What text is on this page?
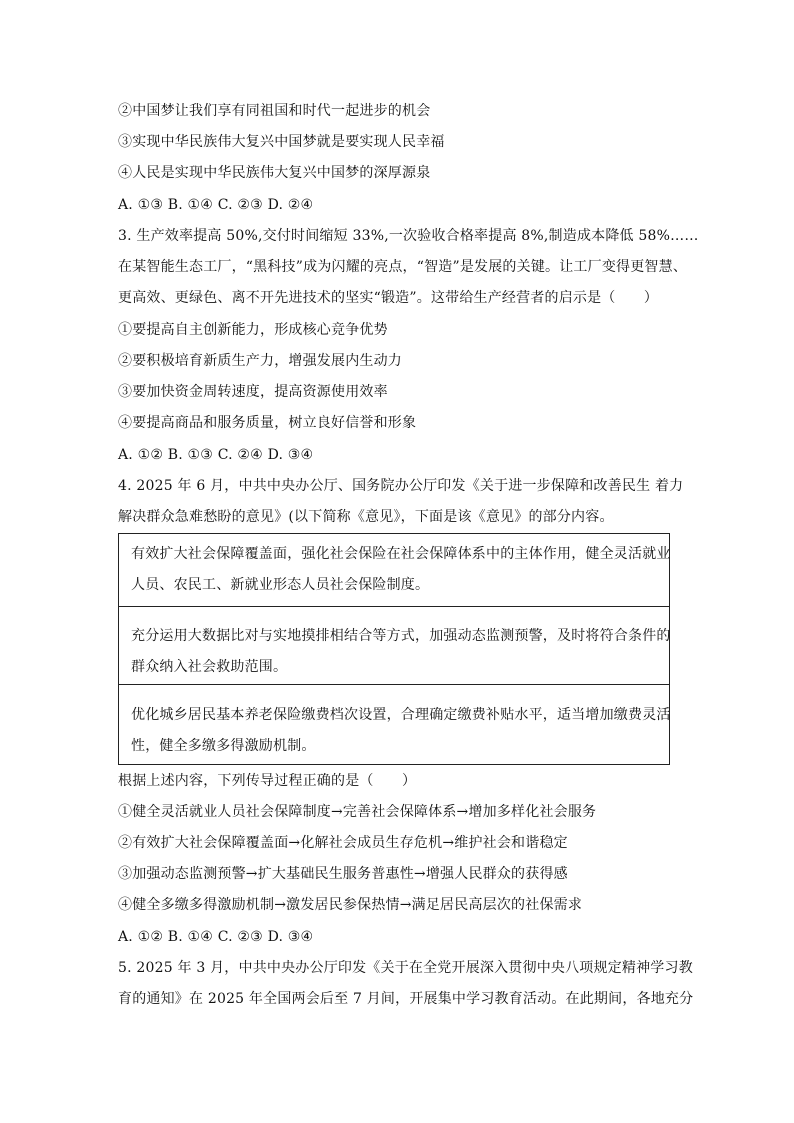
②中国梦让我们享有同祖国和时代一起进步的机会
③实现中华民族伟大复兴中国梦就是要实现人民幸福
④人民是实现中华民族伟大复兴中国梦的深厚源泉
A. ①③ B. ①④ C. ②③ D. ②④
3. 生产效率提高 50%,交付时间缩短 33%,一次验收合格率提高 8%,制造成本降低 58%……
在某智能生态工厂，“黑科技”成为闪耀的亮点，“智造”是发展的关键。让工厂变得更智慧、
更高效、更绿色、离不开先进技术的坚实“锻造”。这带给生产经营者的启示是（　　）
①要提高自主创新能力，形成核心竞争优势
②要积极培育新质生产力，增强发展内生动力
③要加快资金周转速度，提高资源使用效率
④要提高商品和服务质量，树立良好信誉和形象
A. ①② B. ①③ C. ②④ D. ③④
4. 2025 年 6 月，中共中央办公厅、国务院办公厅印发《关于进一步保障和改善民生 着力
解决群众急难愁盼的意见》(以下简称《意见》，下面是该《意见》的部分内容。
有效扩大社会保障覆盖面，强化社会保险在社会保障体系中的主体作用，健全灵活就业
人员、农民工、新就业形态人员社会保险制度。
充分运用大数据比对与实地摸排相结合等方式，加强动态监测预警，及时将符合条件的
群众纳入社会救助范围。
优化城乡居民基本养老保险缴费档次设置，合理确定缴费补贴水平，适当增加缴费灵活
性，健全多缴多得激励机制。
根据上述内容，下列传导过程正确的是（　　）
①健全灵活就业人员社会保障制度→完善社会保障体系→增加多样化社会服务
②有效扩大社会保障覆盖面→化解社会成员生存危机→维护社会和谐稳定
③加强动态监测预警→扩大基础民生服务普惠性→增强人民群众的获得感
④健全多缴多得激励机制→激发居民参保热情→满足居民高层次的社保需求
A. ①② B. ①④ C. ②③ D. ③④
5. 2025 年 3 月，中共中央办公厅印发《关于在全党开展深入贯彻中央八项规定精神学习教
育的通知》在 2025 年全国两会后至 7 月间，开展集中学习教育活动。在此期间，各地充分
